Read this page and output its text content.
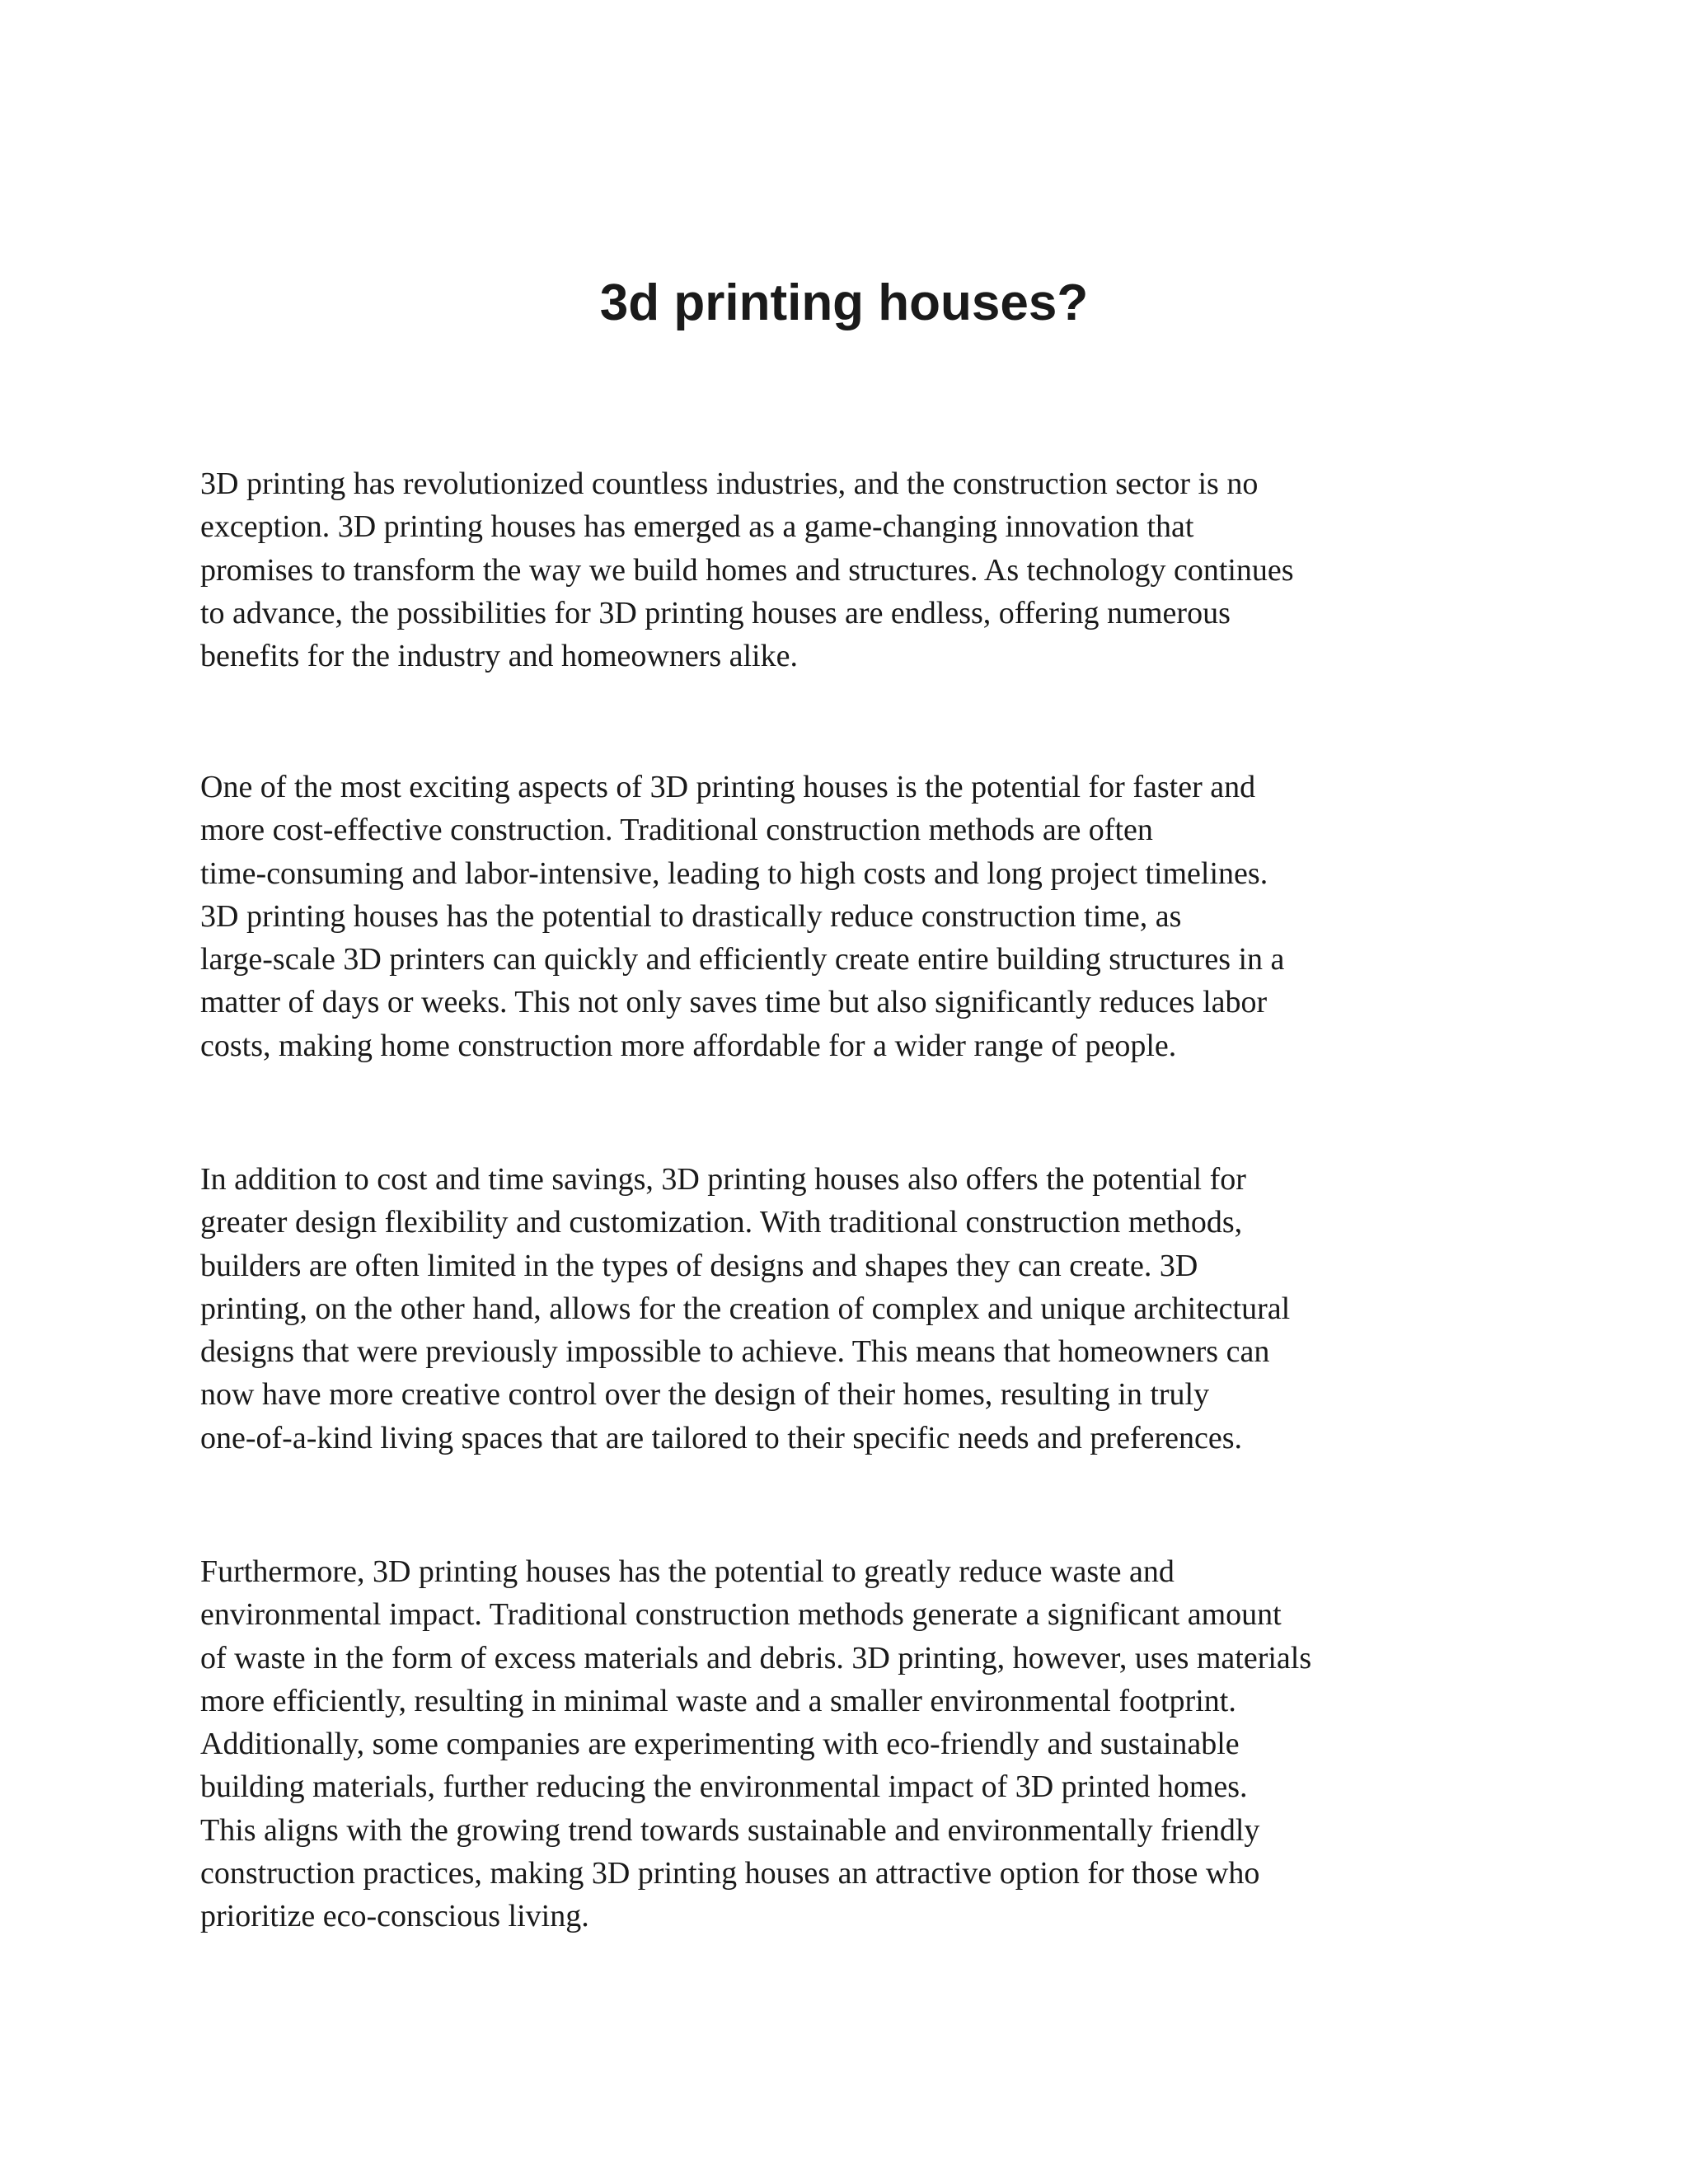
3d printing houses?
3D printing has revolutionized countless industries, and the construction sector is no
exception. 3D printing houses has emerged as a game-changing innovation that
promises to transform the way we build homes and structures. As technology continues
to advance, the possibilities for 3D printing houses are endless, offering numerous
benefits for the industry and homeowners alike.
One of the most exciting aspects of 3D printing houses is the potential for faster and
more cost-effective construction. Traditional construction methods are often
time-consuming and labor-intensive, leading to high costs and long project timelines.
3D printing houses has the potential to drastically reduce construction time, as
large-scale 3D printers can quickly and efficiently create entire building structures in a
matter of days or weeks. This not only saves time but also significantly reduces labor
costs, making home construction more affordable for a wider range of people.
In addition to cost and time savings, 3D printing houses also offers the potential for
greater design flexibility and customization. With traditional construction methods,
builders are often limited in the types of designs and shapes they can create. 3D
printing, on the other hand, allows for the creation of complex and unique architectural
designs that were previously impossible to achieve. This means that homeowners can
now have more creative control over the design of their homes, resulting in truly
one-of-a-kind living spaces that are tailored to their specific needs and preferences.
Furthermore, 3D printing houses has the potential to greatly reduce waste and
environmental impact. Traditional construction methods generate a significant amount
of waste in the form of excess materials and debris. 3D printing, however, uses materials
more efficiently, resulting in minimal waste and a smaller environmental footprint.
Additionally, some companies are experimenting with eco-friendly and sustainable
building materials, further reducing the environmental impact of 3D printed homes.
This aligns with the growing trend towards sustainable and environmentally friendly
construction practices, making 3D printing houses an attractive option for those who
prioritize eco-conscious living.
